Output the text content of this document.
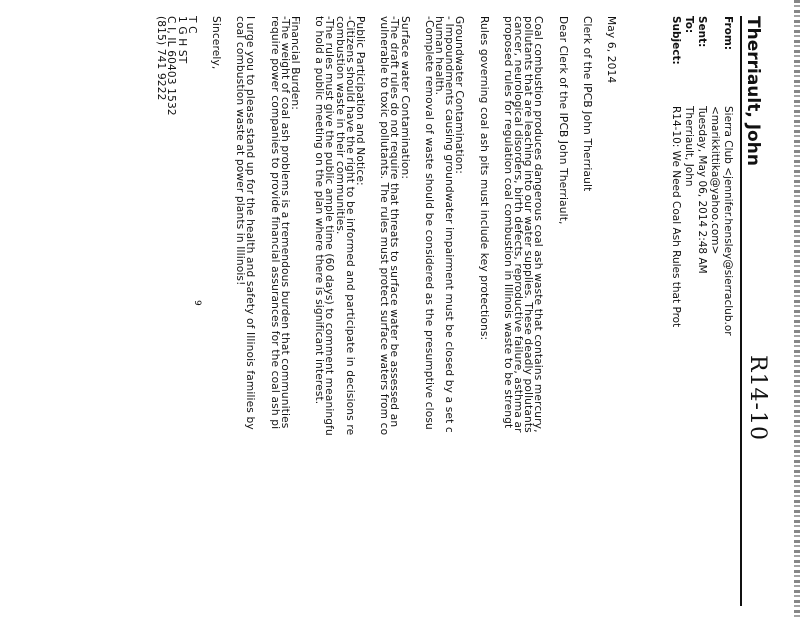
R14-10
Therriault, John
From:
Sierra Club <jennifer.hensley@sierraclub.or
<marikkittika@yahoo.com>
Sent:
Tuesday, May 06, 2014 2:48 AM
To:
Therriault, John
Subject:
R14-10: We Need Coal Ash Rules that Prot

May 6, 2014

Clerk of the IPCB John Therriault

Dear Clerk of the IPCB John Therriault,

Coal combustion produces dangerous coal ash waste that contains mercury,
pollutants that are leaching into our water supplies. These deadly pollutants
cancer, neurological disorders, birth defects, reproductive failure, asthma ar
proposed rules for regulation coal combustion in Illinois waste to be strengt

Rules governing coal ash pits must include key protections:

Groundwater Contamination:
- Impoundments causing groundwater impairment must be closed by a set c
human health.
-Complete removal of waste should be considered as the presumptive closu

Surface water Contamination:
-The draft rules do not require that threats to surface water be assessed an
vulnerable to toxic pollutants. The rules must protect surface waters from co

Public Participation and Notice:
-Citizens should have the right to be informed and participate in decisions re
combustion waste in their communities.
-The rules must give the public ample time (60 days) to comment meaningfu
to hold a public meeting on the plan where there is significant interest.

Financial Burden:
-The weight of coal ash problems is a tremendous burden that communities
require power companies to provide financial assurances for the coal ash pi

I urge you to please stand up for the health and safety of Illinois families by
coal combustion waste at power plants in Illinois!

Sincerely,

T C
1 G H ST
C I, IL 60403 1532
(815) 741 9222

9
